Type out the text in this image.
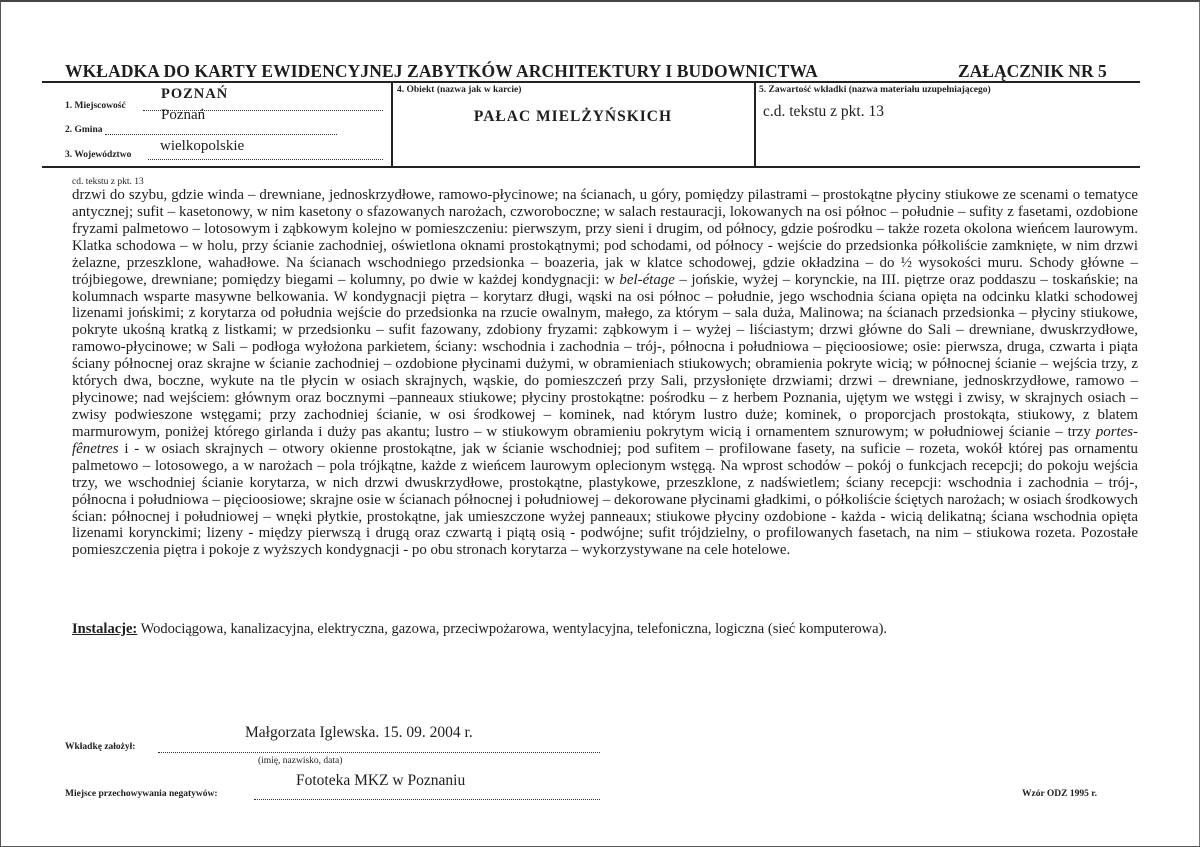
WKŁADKA DO KARTY EWIDENCYJNEJ ZABYTKÓW ARCHITEKTURY I BUDOWNICTWA	ZAŁĄCZNIK NR 5
1. Miejscowość
POZNAŃ
2. Gmina
Poznań
3. Województwo
wielkopolskie
4. Obiekt (nazwa jak w karcie)
PAŁAC MIELŻYŃSKICH
5. Zawartość wkładki (nazwa materiału uzupełniającego)
c.d. tekstu z pkt. 13
cd. tekstu z pkt. 13

drzwi do szybu, gdzie winda – drewniane, jednoskrzydłowe, ramowo-płycinowe; na ścianach, u góry, pomiędzy pilastrami – prostokątne płyciny stiukowe ze scenami o tematyce antycznej; sufit – kasetonowy, w nim kasetony o sfazowanych narożach, czworoboczne; w salach restauracji, lokowanych na osi północ – południe – sufity z fasetami, ozdobione fryzami palmetowo – lotosowym i ząbkowym kolejno w pomieszczeniu: pierwszym, przy sieni i drugim, od północy, gdzie pośrodku – także rozeta okolona wieńcem laurowym. Klatka schodowa – w holu, przy ścianie zachodniej, oświetlona oknami prostokątnymi; pod schodami, od północy - wejście do przedsionka półkoliście zamknięte, w nim drzwi żelazne, przeszklone, wahadłowe. Na ścianach wschodniego przedsionka – boazeria, jak w klatce schodowej, gdzie okładzina – do ½ wysokości muru. Schody główne – trójbiegowe, drewniane; pomiędzy biegami – kolumny, po dwie w każdej kondygnacji: w bel-étage – jońskie, wyżej – korynckie, na III. piętrze oraz poddaszu – toskańskie; na kolumnach wsparte masywne belkowania. W kondygnacji piętra – korytarz długi, wąski na osi północ – południe, jego wschodnia ściana opięta na odcinku klatki schodowej lizenami jońskimi; z korytarza od południa wejście do przedsionka na rzucie owalnym, małego, za którym – sala duża, Malinowa; na ścianach przedsionka – płyciny stiukowe, pokryte ukośną kratką z listkami; w przedsionku – sufit fazowany, zdobiony fryzami: ząbkowym i – wyżej – liściastym; drzwi główne do Sali – drewniane, dwuskrzydłowe, ramowo-płycinowe; w Sali – podłoga wyłożona parkietem, ściany: wschodnia i zachodnia – trój-, północna i południowa – pięcioosiowe; osie: pierwsza, druga, czwarta i piąta ściany północnej oraz skrajne w ścianie zachodniej – ozdobione płycinami dużymi, w obramieniach stiukowych; obramienia pokryte wicią; w północnej ścianie – wejścia trzy, z których dwa, boczne, wykute na tle płycin w osiach skrajnych, wąskie, do pomieszczeń przy Sali, przysłonięte drzwiami; drzwi – drewniane, jednoskrzydłowe, ramowo – płycinowe; nad wejściem: głównym oraz bocznymi –panneaux stiukowe; płyciny prostokątne: pośrodku – z herbem Poznania, ujętym we wstęgi i zwisy, w skrajnych osiach – zwisy podwieszone wstęgami; przy zachodniej ścianie, w osi środkowej – kominek, nad którym lustro duże; kominek, o proporcjach prostokąta, stiukowy, z blatem marmurowym, poniżej którego girlanda i duży pas akantu; lustro – w stiukowym obramieniu pokrytym wicią i ornamentem sznurowym; w południowej ścianie – trzy portes- fênetres i - w osiach skrajnych – otwory okienne prostokątne, jak w ścianie wschodniej; pod sufitem – profilowane fasety, na suficie – rozeta, wokół której pas ornamentu palmetowo – lotosowego, a w narożach – pola trójkątne, każde z wieńcem laurowym oplecionym wstęgą. Na wprost schodów – pokój o funkcjach recepcji; do pokoju wejścia trzy, we wschodniej ścianie korytarza, w nich drzwi dwuskrzydłowe, prostokątne, plastykowe, przeszklone, z nadświetlem; ściany recepcji: wschodnia i zachodnia – trój-, północna i południowa – pięcioosiowe; skrajne osie w ścianach północnej i południowej – dekorowane płycinami gładkimi, o półkoliście ściętych narożach; w osiach środkowych ścian: północnej i południowej – wnęki płytkie, prostokątne, jak umieszczone wyżej panneaux; stiukowe płyciny ozdobione - każda - wicią delikatną; ściana wschodnia opięta lizenami korynckimi; lizeny - między pierwszą i drugą oraz czwartą i piątą osią - podwójne; sufit trójdzielny, o profilowanych fasetach, na nim – stiukowa rozeta. Pozostałe pomieszczenia piętra i pokoje z wyższych kondygnacji - po obu stronach korytarza – wykorzystywane na cele hotelowe.

Instalacje: Wodociągowa, kanalizacyjna, elektryczna, gazowa, przeciwpożarowa, wentylacyjna, telefoniczna, logiczna (sieć komputerowa).
Małgorzata Iglewska. 15. 09. 2004 r.
Wkładkę założył:
(imię, nazwisko, data)
Fototeka MKZ w Poznaniu
Miejsce przechowywania negatywów:	Wzór ODZ 1995 r.
